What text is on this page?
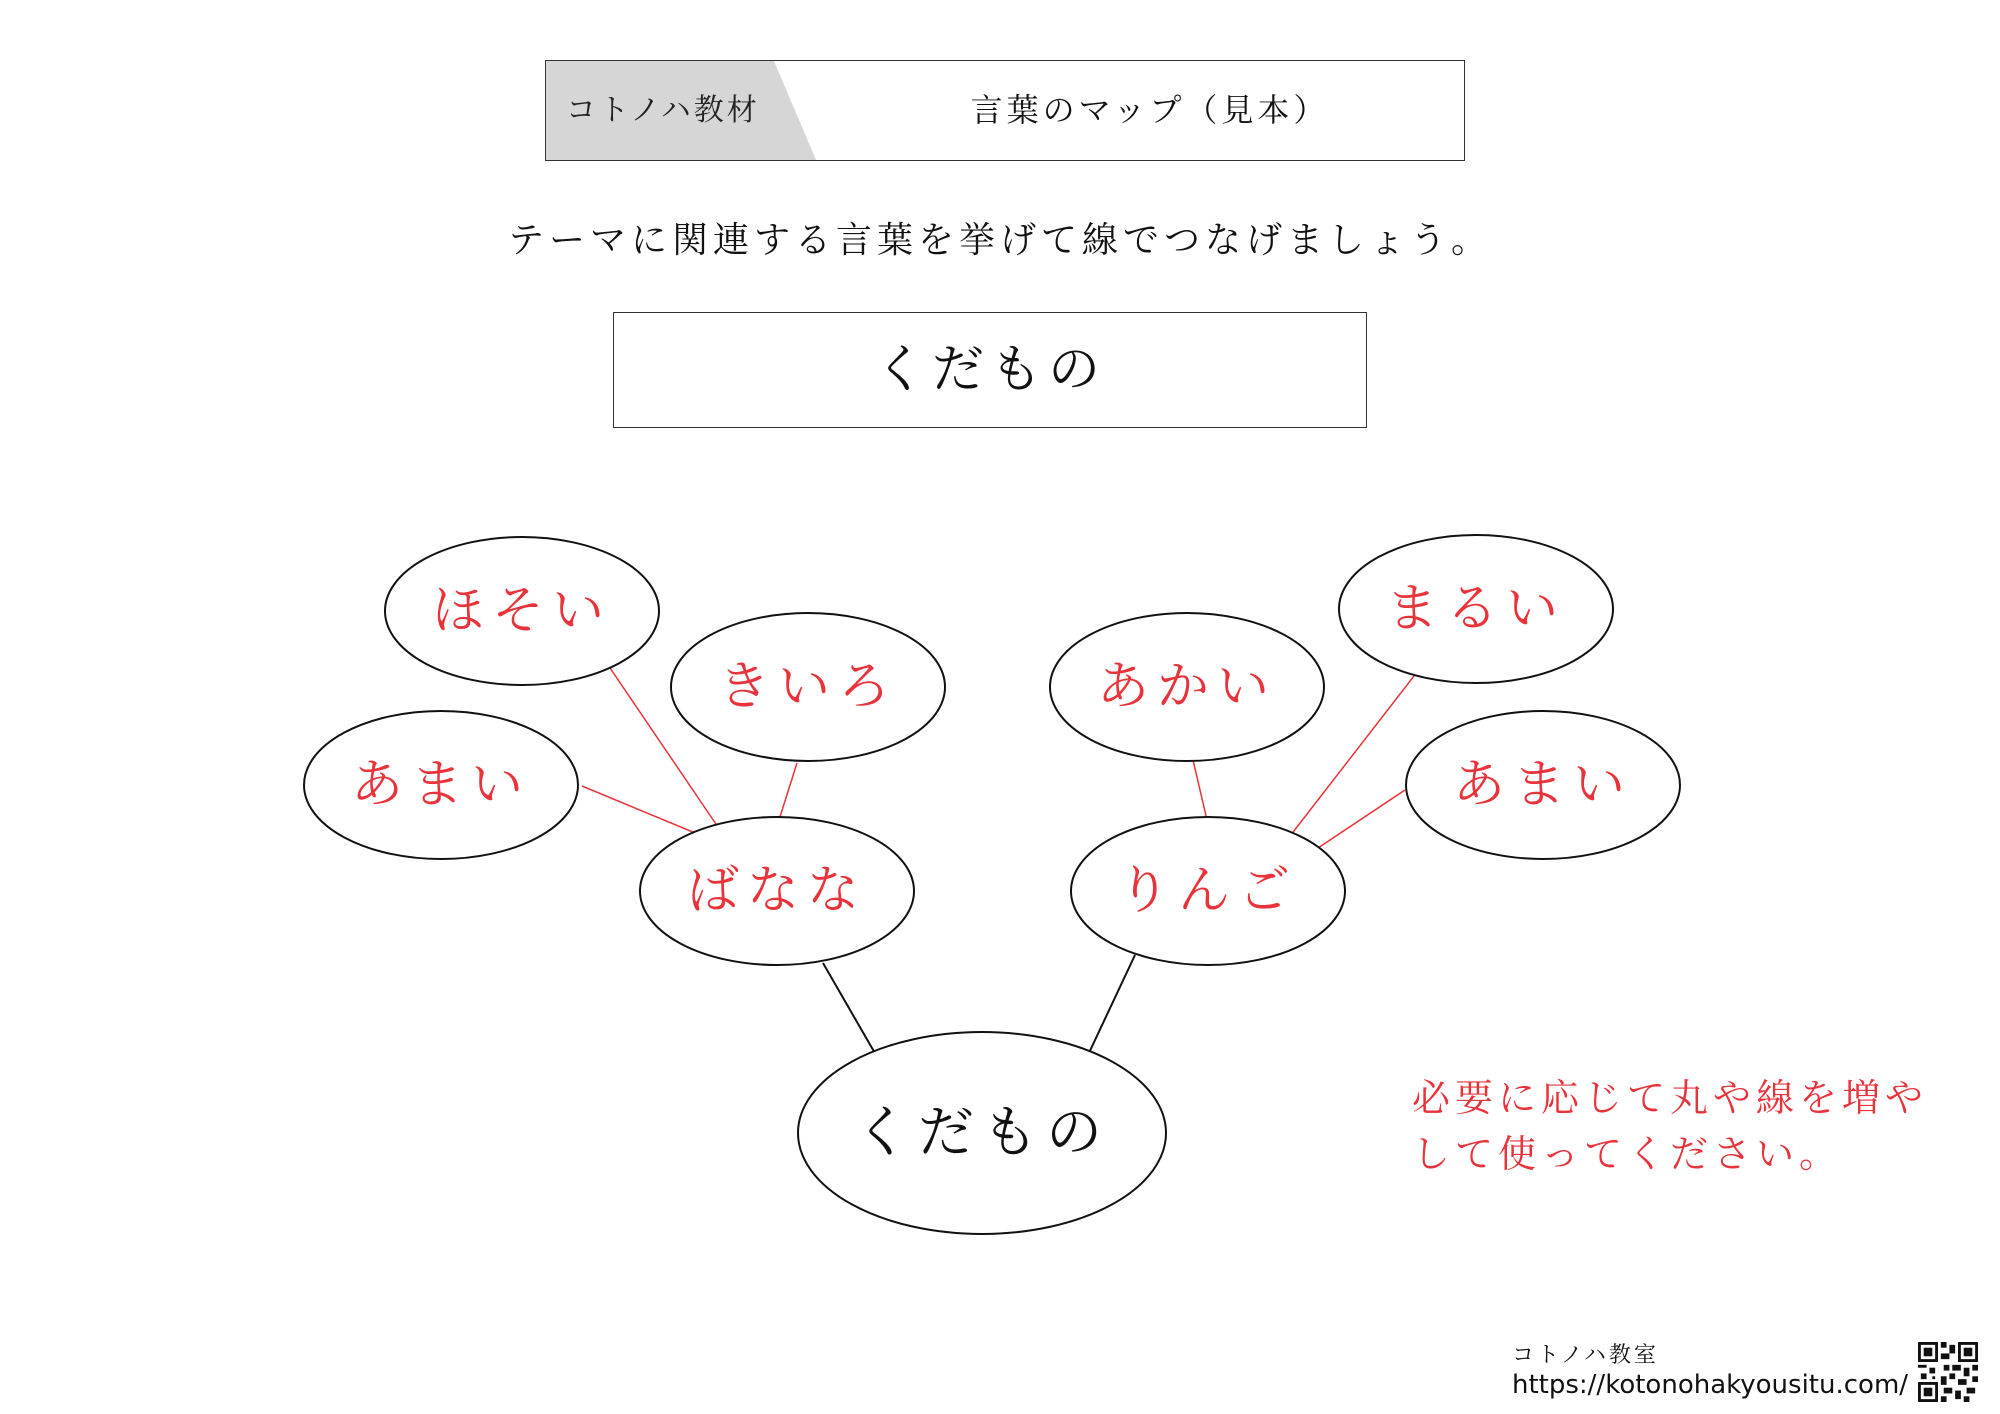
コトノハ教材	言葉のマップ（見本）
テーマに関連する言葉を挙げて線でつなげましょう。
くだもの
ほそい
きいろ
あまい
ばなな
あかい
まるい
あまい
りんご
くだもの
必要に応じて丸や線を増や
して使ってください。
コトノハ教室
https://kotonohakyousitu.com/
